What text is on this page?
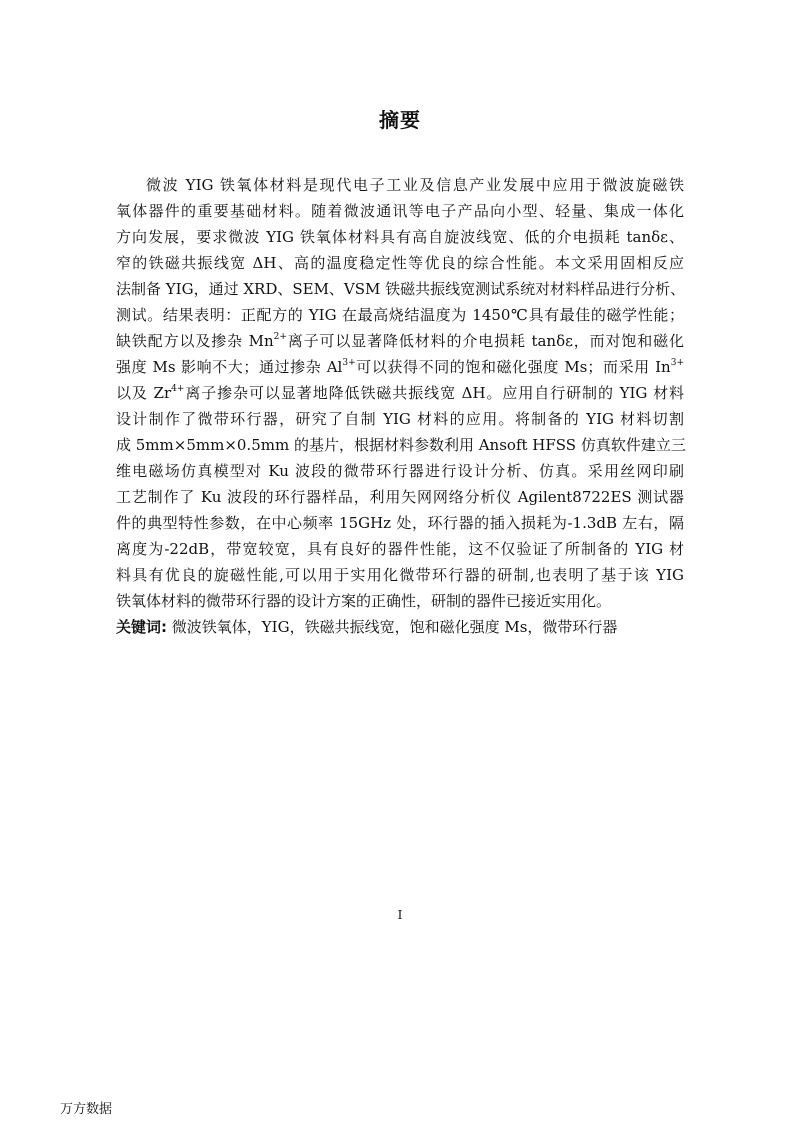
摘要
微波 YIG 铁氧体材料是现代电子工业及信息产业发展中应用于微波旋磁铁
氧体器件的重要基础材料。随着微波通讯等电子产品向小型、轻量、集成一体化
方向发展，要求微波 YIG 铁氧体材料具有高自旋波线宽、低的介电损耗 tanδε、
窄的铁磁共振线宽 ΔH、高的温度稳定性等优良的综合性能。本文采用固相反应
法制备 YIG，通过 XRD、SEM、VSM 铁磁共振线宽测试系统对材料样品进行分析、
测试。结果表明：正配方的 YIG 在最高烧结温度为 1450℃具有最佳的磁学性能；
缺铁配方以及掺杂 $Mn^{2+}$离子可以显著降低材料的介电损耗 tanδε，而对饱和磁化
强度 Ms 影响不大；通过掺杂 $Al^{3+}$可以获得不同的饱和磁化强度 Ms；而采用 $In^{3+}$
以及 $Zr^{4+}$离子掺杂可以显著地降低铁磁共振线宽 ΔH。应用自行研制的 YIG 材料
设计制作了微带环行器，研究了自制 YIG 材料的应用。将制备的 YIG 材料切割
成 5mm×5mm×0.5mm 的基片，根据材料参数利用 Ansoft HFSS 仿真软件建立三
维电磁场仿真模型对 Ku 波段的微带环行器进行设计分析、仿真。采用丝网印刷
工艺制作了 Ku 波段的环行器样品，利用矢网网络分析仪 Agilent8722ES 测试器
件的典型特性参数，在中心频率 15GHz 处，环行器的插入损耗为-1.3dB 左右，隔
离度为-22dB，带宽较宽，具有良好的器件性能，这不仅验证了所制备的 YIG 材
料具有优良的旋磁性能,可以用于实用化微带环行器的研制,也表明了基于该 YIG
铁氧体材料的微带环行器的设计方案的正确性，研制的器件已接近实用化。
关键词: 微波铁氧体，YIG，铁磁共振线宽，饱和磁化强度 Ms，微带环行器
I
万方数据
